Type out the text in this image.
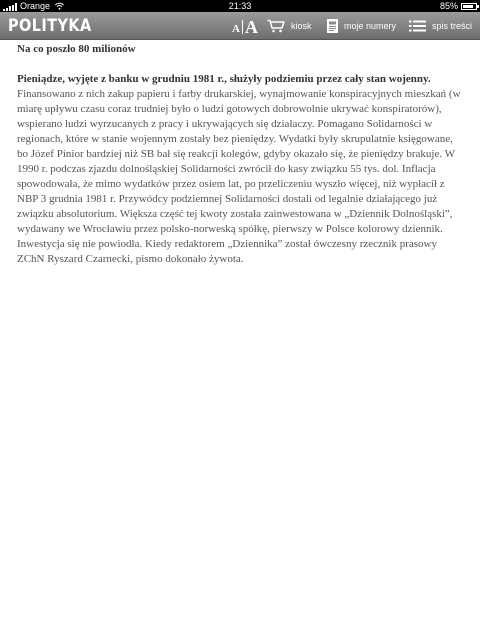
Orange	21:33	85%
POLITYKA	A A	kiosk	moje numery	spis treści
Na co poszło 80 milionów

Pieniądze, wyjęte z banku w grudniu 1981 r., służyły podziemiu przez cały stan wojenny. Finansowano z nich zakup papieru i farby drukarskiej, wynajmowanie konspiracyjnych mieszkań (w miarę upływu czasu coraz trudniej było o ludzi gotowych dobrowolnie ukrywać konspiratorów), wspierano ludzi wyrzucanych z pracy i ukrywających się działaczy. Pomagano Solidarności w regionach, które w stanie wojennym zostały bez pieniędzy. Wydatki były skrupulatnie księgowane, bo Józef Pinior bardziej niż SB bał się reakcji kolegów, gdyby okazało się, że pieniędzy brakuje. W 1990 r. podczas zjazdu dolnośląskiej Solidarności zwrócił do kasy związku 55 tys. dol. Inflacja spowodowała, że mimo wydatków przez osiem lat, po przeliczeniu wyszło więcej, niż wypłacił z NBP 3 grudnia 1981 r. Przywódcy podziemnej Solidarności dostali od legalnie działającego już związku absolutorium. Większa część tej kwoty została zainwestowana w „Dziennik Dolnośląski”, wydawany we Wrocławiu przez polsko-norweską spółkę, pierwszy w Polsce kolorowy dziennik. Inwestycja się nie powiodła. Kiedy redaktorem „Dziennika” został ówczesny rzecznik prasowy ZChN Ryszard Czarnecki, pismo dokonało żywota.
